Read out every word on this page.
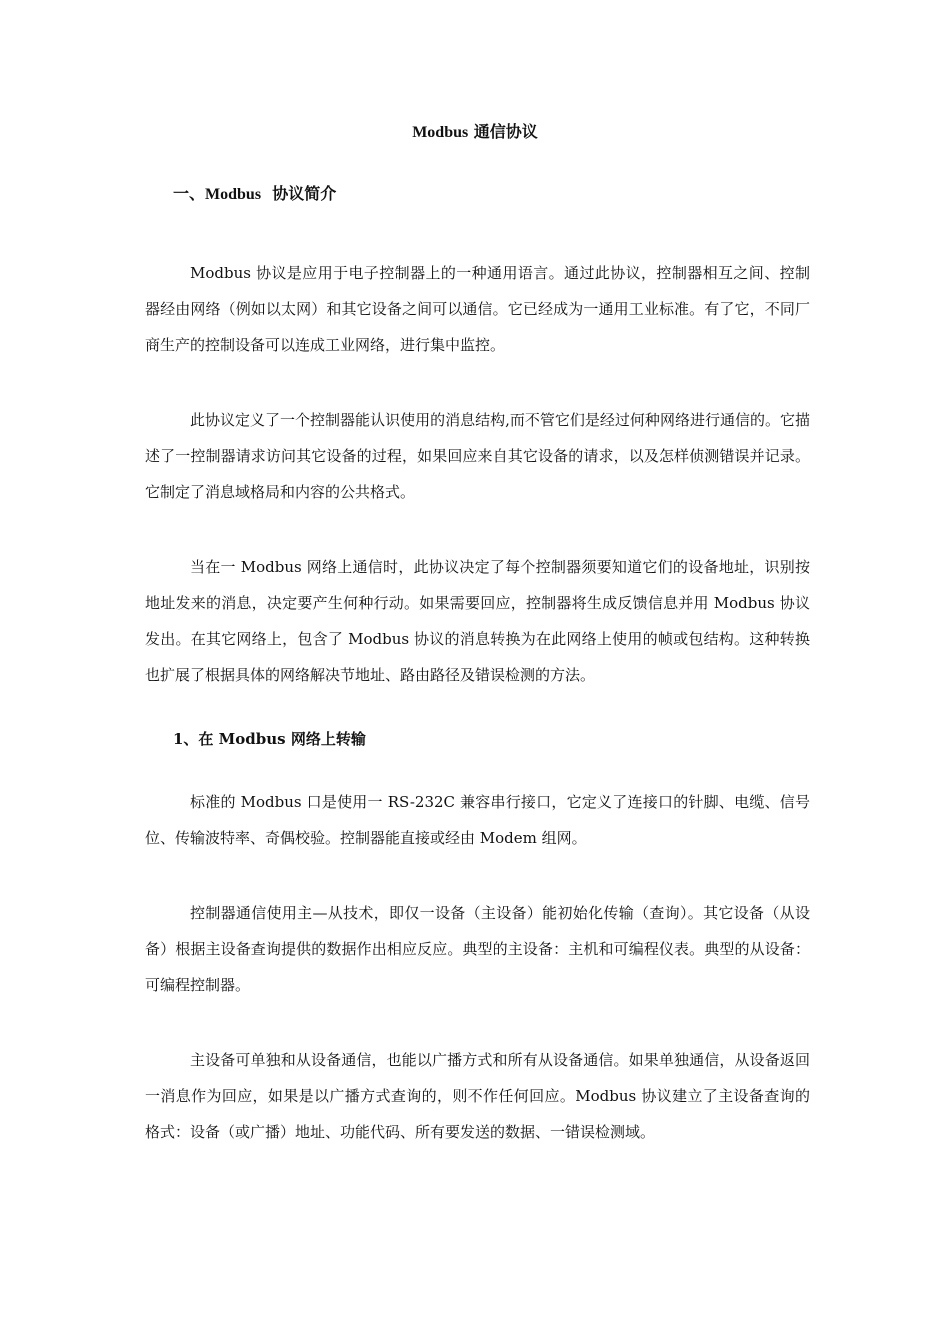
Modbus 通信协议
一、Modbus 协议简介

Modbus 协议是应用于电子控制器上的一种通用语言。通过此协议，控制器相互之间、控制器经由网络（例如以太网）和其它设备之间可以通信。它已经成为一通用工业标准。有了它，不同厂商生产的控制设备可以连成工业网络，进行集中监控。

此协议定义了一个控制器能认识使用的消息结构,而不管它们是经过何种网络进行通信的。它描述了一控制器请求访问其它设备的过程，如果回应来自其它设备的请求，以及怎样侦测错误并记录。它制定了消息域格局和内容的公共格式。

当在一 Modbus 网络上通信时，此协议决定了每个控制器须要知道它们的设备地址，识别按地址发来的消息，决定要产生何种行动。如果需要回应，控制器将生成反馈信息并用 Modbus 协议发出。在其它网络上，包含了 Modbus 协议的消息转换为在此网络上使用的帧或包结构。这种转换也扩展了根据具体的网络解决节地址、路由路径及错误检测的方法。

1、在 Modbus 网络上转输

标准的 Modbus 口是使用一 RS-232C 兼容串行接口，它定义了连接口的针脚、电缆、信号位、传输波特率、奇偶校验。控制器能直接或经由 Modem 组网。

控制器通信使用主—从技术，即仅一设备（主设备）能初始化传输（查询）。其它设备（从设备）根据主设备查询提供的数据作出相应反应。典型的主设备：主机和可编程仪表。典型的从设备：可编程控制器。

主设备可单独和从设备通信，也能以广播方式和所有从设备通信。如果单独通信，从设备返回一消息作为回应，如果是以广播方式查询的，则不作任何回应。Modbus 协议建立了主设备查询的格式：设备（或广播）地址、功能代码、所有要发送的数据、一错误检测域。
